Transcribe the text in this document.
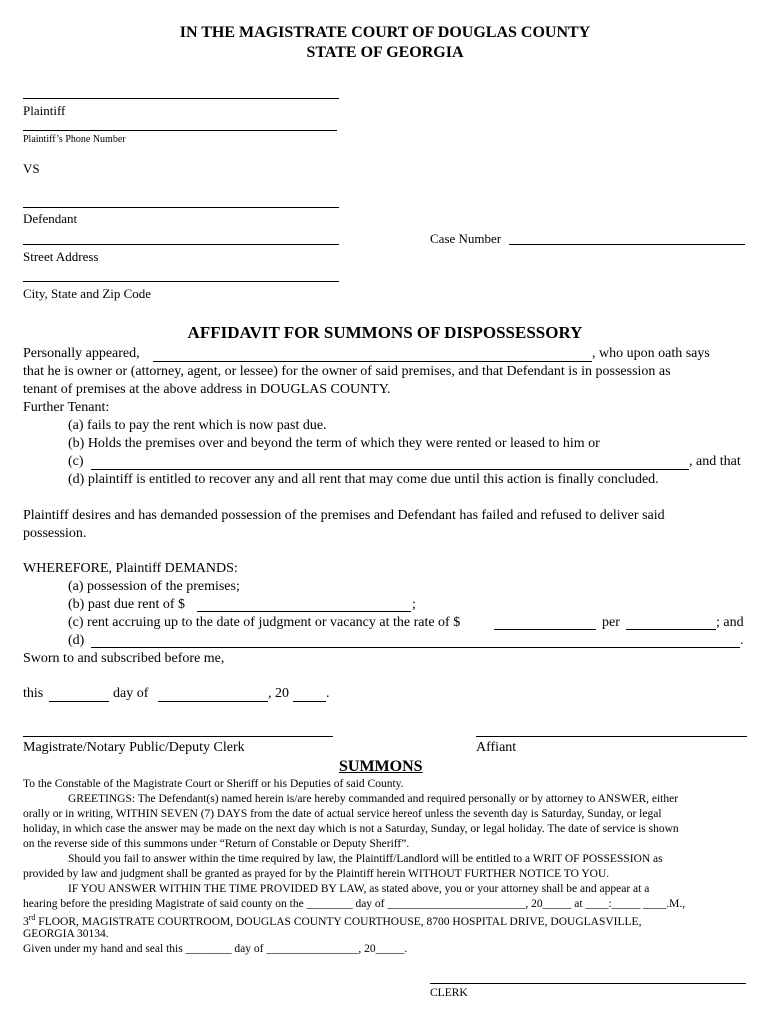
IN THE MAGISTRATE COURT OF DOUGLAS COUNTY
STATE OF GEORGIA
Plaintiff
Plaintiff’s Phone Number
VS
Defendant
Street Address
City, State and Zip Code
Case Number
AFFIDAVIT FOR SUMMONS OF DISPOSSESSORY
Personally appeared,	, who upon oath says
that he is owner or (attorney, agent, or lessee) for the owner of said premises, and that Defendant is in possession as
tenant of premises at the above address in DOUGLAS COUNTY.
Further Tenant:
(a) fails to pay the rent which is now past due.
(b) Holds the premises over and beyond the term of which they were rented or leased to him or
(c)	, and that
(d) plaintiff is entitled to recover any and all rent that may come due until this action is finally concluded.
Plaintiff desires and has demanded possession of the premises and Defendant has failed and refused to deliver said
possession.
WHEREFORE, Plaintiff DEMANDS:
(a) possession of the premises;
(b) past due rent of $	;
(c) rent accruing up to the date of judgment or vacancy at the rate of $	per	; and
(d)	.
Sworn to and subscribed before me,
this	day of	, 20	.
Magistrate/Notary Public/Deputy Clerk	Affiant
SUMMONS
To the Constable of the Magistrate Court or Sheriff or his Deputies of said County.
GREETINGS: The Defendant(s) named herein is/are hereby commanded and required personally or by attorney to ANSWER, either
orally or in writing, WITHIN SEVEN (7) DAYS from the date of actual service hereof unless the seventh day is Saturday, Sunday, or legal
holiday, in which case the answer may be made on the next day which is not a Saturday, Sunday, or legal holiday. The date of service is shown
on the reverse side of this summons under “Return of Constable or Deputy Sheriff”.
Should you fail to answer within the time required by law, the Plaintiff/Landlord will be entitled to a WRIT OF POSSESSION as
provided by law and judgment shall be granted as prayed for by the Plaintiff herein WITHOUT FURTHER NOTICE TO YOU.
IF YOU ANSWER WITHIN THE TIME PROVIDED BY LAW, as stated above, you or your attorney shall be and appear at a
hearing before the presiding Magistrate of said county on the ________ day of ________________________, 20_____ at ____:_____ ____.M.,
3rd FLOOR, MAGISTRATE COURTROOM, DOUGLAS COUNTY COURTHOUSE, 8700 HOSPITAL DRIVE, DOUGLASVILLE,
GEORGIA 30134.
Given under my hand and seal this ________ day of ________________, 20_____.
CLERK
